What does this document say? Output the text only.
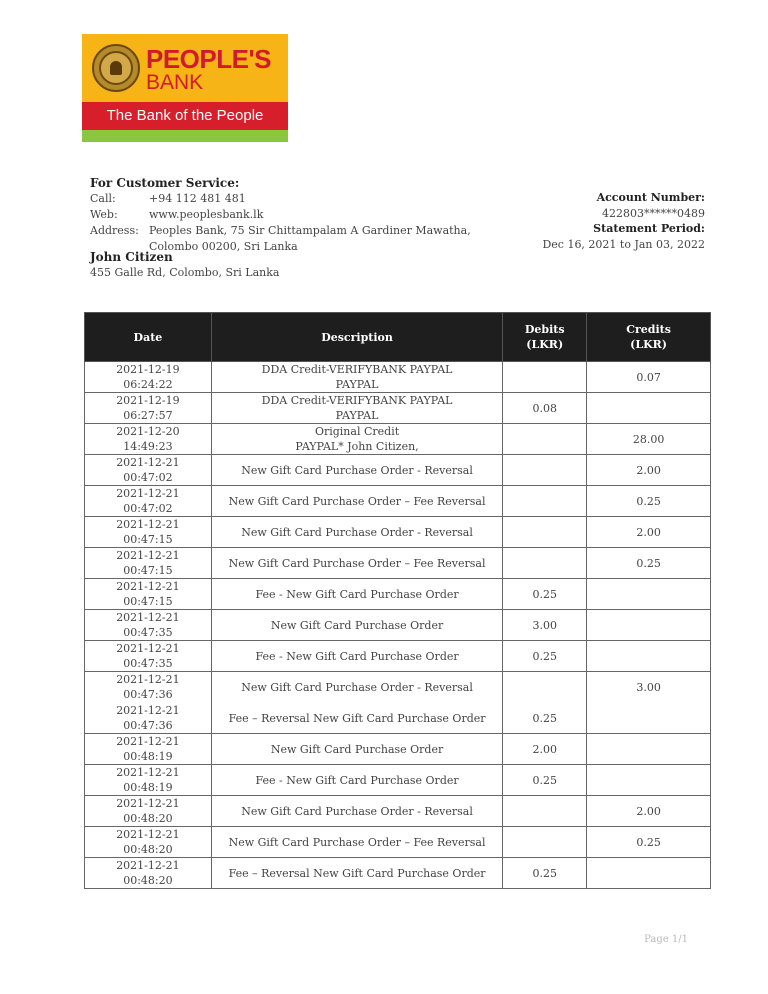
PEOPLE'S
BANK
The Bank of the People
For Customer Service:
Call:	+94 112 481 481
Web:	www.peoplesbank.lk
Address: Peoples Bank, 75 Sir Chittampalam A Gardiner Mawatha,
Colombo 00200, Sri Lanka
John Citizen
455 Galle Rd, Colombo, Sri Lanka
Account Number:
422803******0489
Statement Period:
Dec 16, 2021 to Jan 03, 2022
Date	Description	Debits
(LKR)	Credits
(LKR)
2021-12-19
06:24:22	DDA Credit-VERIFYBANK PAYPAL
PAYPAL		0.07
2021-12-19
06:27:57	DDA Credit-VERIFYBANK PAYPAL
PAYPAL	0.08	
2021-12-20
14:49:23	Original Credit
PAYPAL* John Citizen,		28.00
2021-12-21
00:47:02	New Gift Card Purchase Order - Reversal		2.00
2021-12-21
00:47:02	New Gift Card Purchase Order – Fee Reversal		0.25
2021-12-21
00:47:15	New Gift Card Purchase Order - Reversal		2.00
2021-12-21
00:47:15	New Gift Card Purchase Order – Fee Reversal		0.25
2021-12-21
00:47:15	Fee - New Gift Card Purchase Order	0.25	
2021-12-21
00:47:35	New Gift Card Purchase Order	3.00	
2021-12-21
00:47:35	Fee - New Gift Card Purchase Order	0.25	
2021-12-21
00:47:36	New Gift Card Purchase Order - Reversal		3.00
2021-12-21
00:47:36	Fee – Reversal New Gift Card Purchase Order	0.25	
2021-12-21
00:48:19	New Gift Card Purchase Order	2.00	
2021-12-21
00:48:19	Fee - New Gift Card Purchase Order	0.25	
2021-12-21
00:48:20	New Gift Card Purchase Order - Reversal		2.00
2021-12-21
00:48:20	New Gift Card Purchase Order – Fee Reversal		0.25
2021-12-21
00:48:20	Fee – Reversal New Gift Card Purchase Order	0.25	
Page 1/1
